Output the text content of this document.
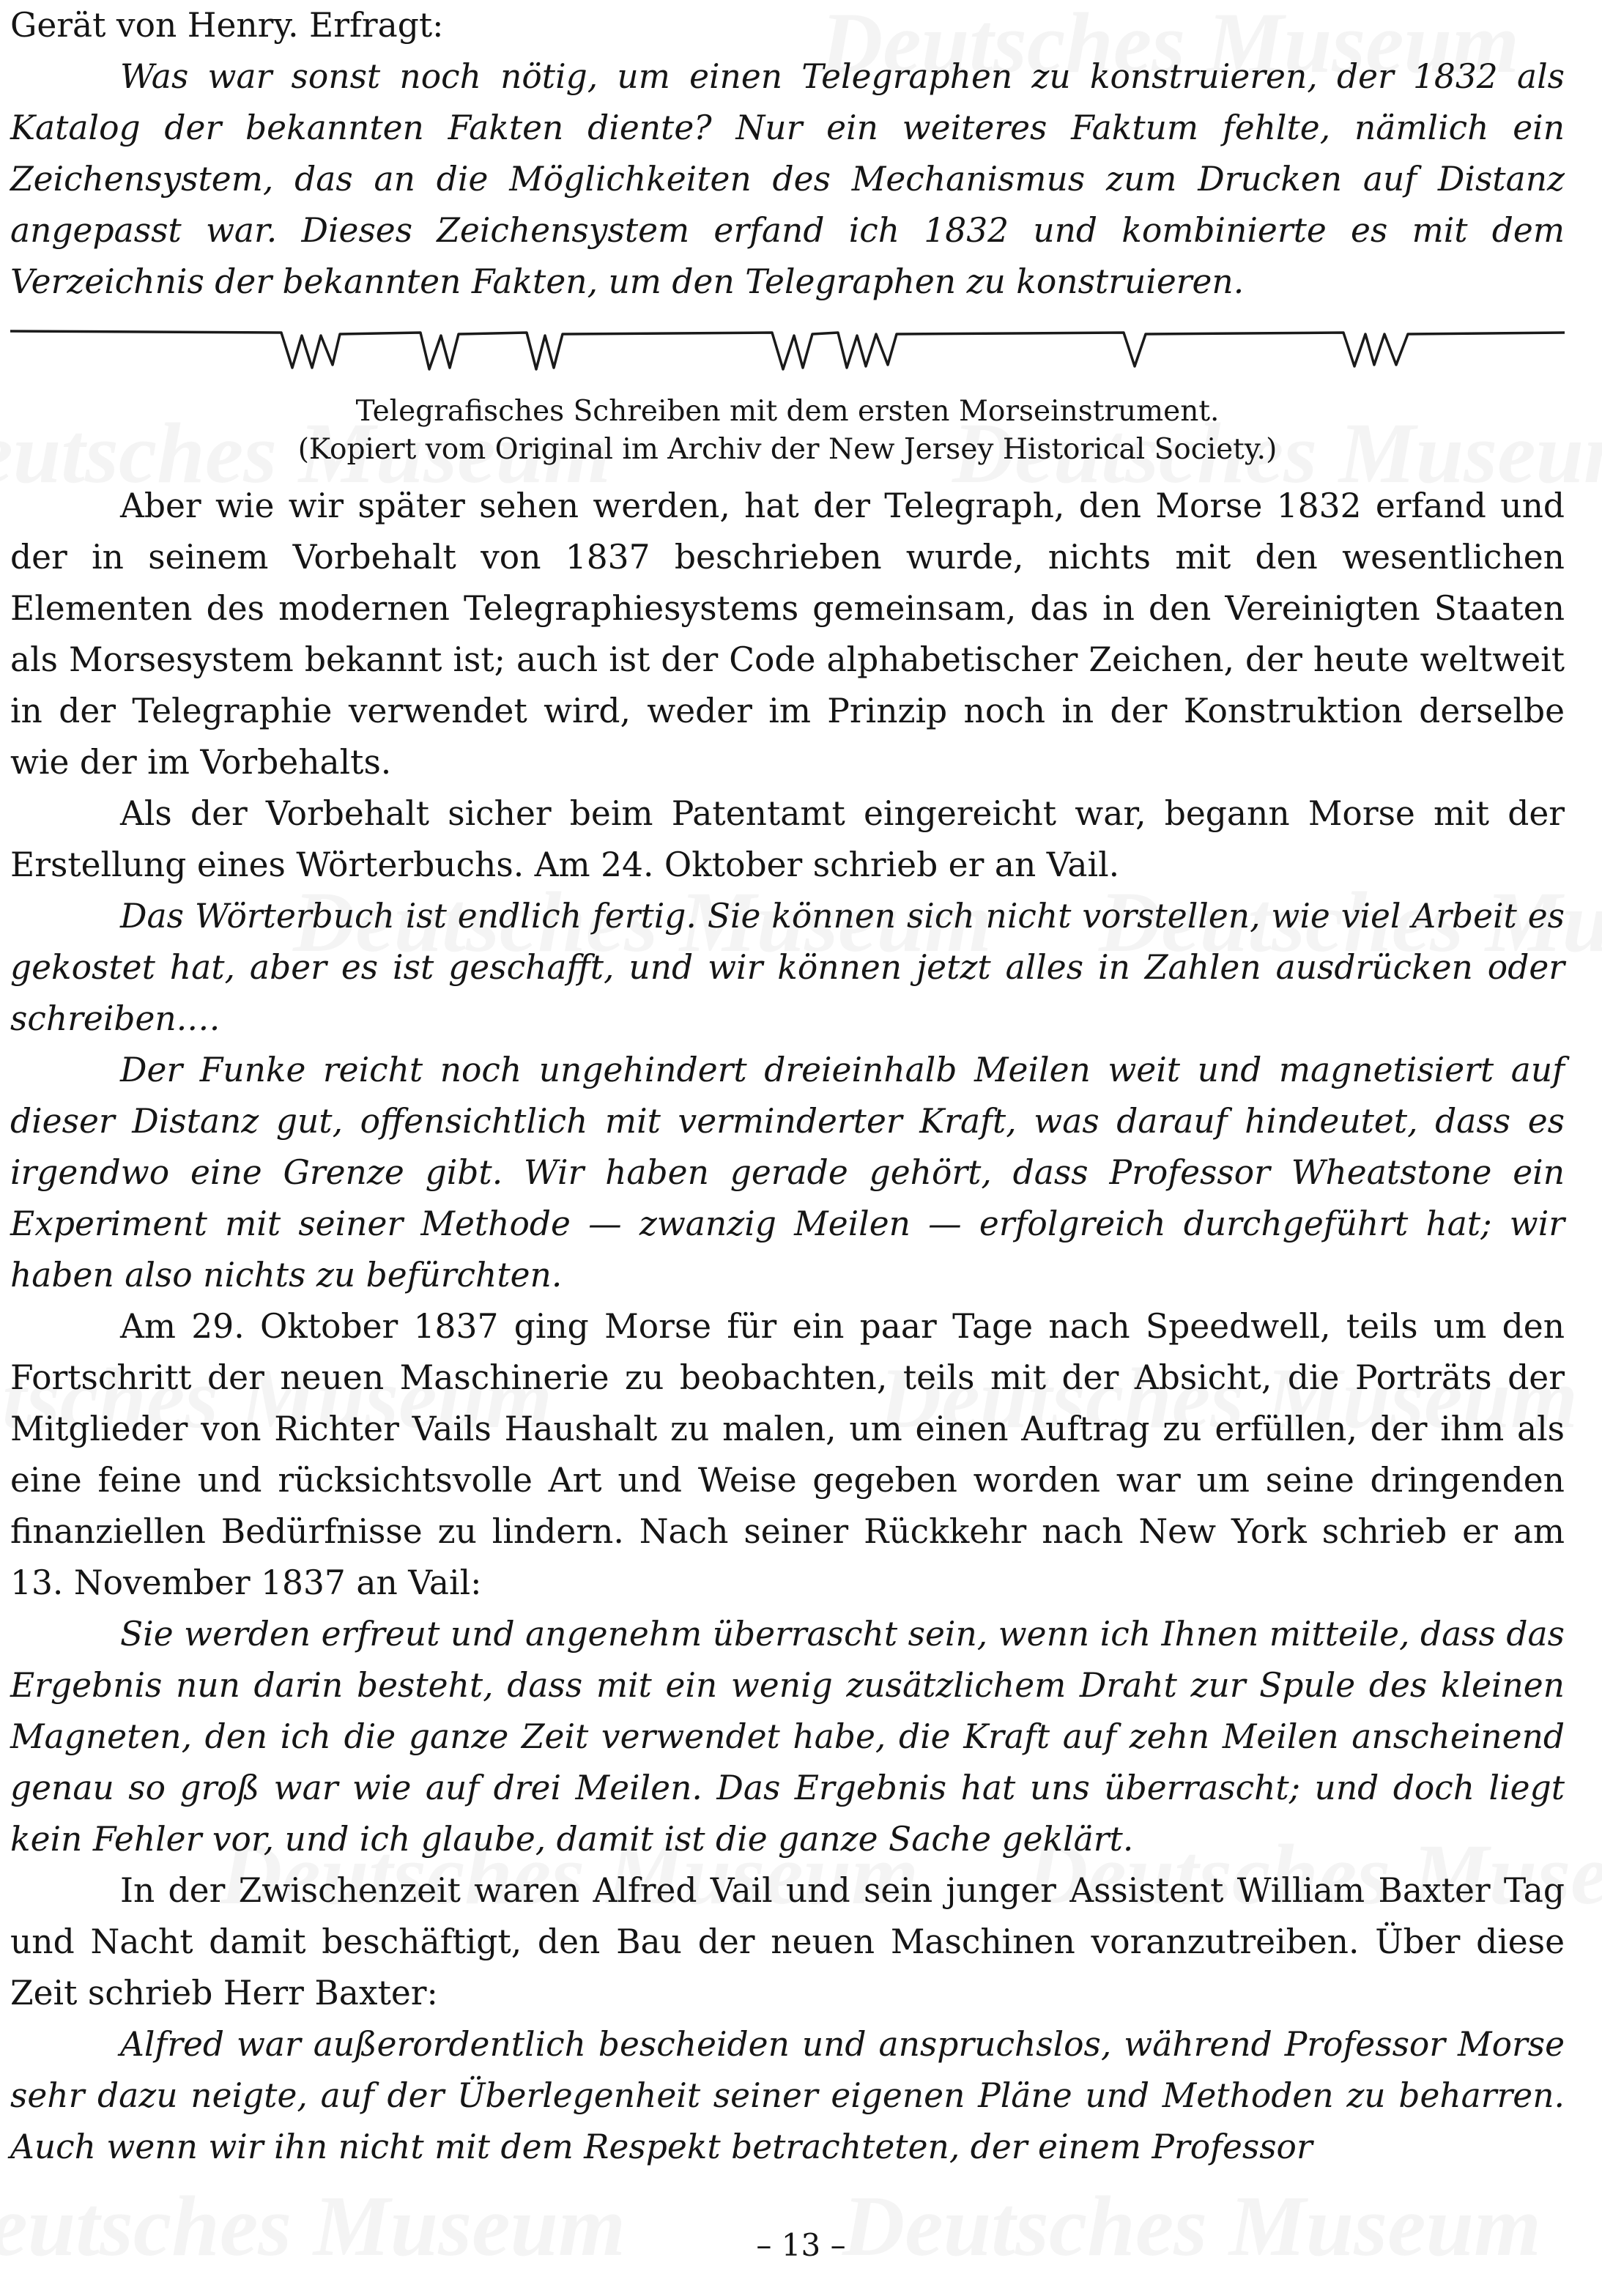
Gerät von Henry. Erfragt:

Was war sonst noch nötig, um einen Telegraphen zu konstruieren, der 1832 als Katalog der bekannten Fakten diente? Nur ein weiteres Faktum fehlte, nämlich ein Zeichensystem, das an die Möglichkeiten des Mechanismus zum Drucken auf Distanz angepasst war. Dieses Zeichensystem erfand ich 1832 und kombinierte es mit dem Verzeichnis der bekannten Fakten, um den Telegraphen zu konstruieren.

Telegrafisches Schreiben mit dem ersten Morseinstrument.
(Kopiert vom Original im Archiv der New Jersey Historical Society.)

Aber wie wir später sehen werden, hat der Telegraph, den Morse 1832 erfand und der in seinem Vorbehalt von 1837 beschrieben wurde, nichts mit den wesentlichen Elementen des modernen Telegraphiesystems gemeinsam, das in den Vereinigten Staaten als Morsesystem bekannt ist; auch ist der Code alphabetischer Zeichen, der heute weltweit in der Telegraphie verwendet wird, weder im Prinzip noch in der Konstruktion derselbe wie der im Vorbehalts.

Als der Vorbehalt sicher beim Patentamt eingereicht war, begann Morse mit der Erstellung eines Wörterbuchs. Am 24. Oktober schrieb er an Vail.

Das Wörterbuch ist endlich fertig. Sie können sich nicht vorstellen, wie viel Arbeit es gekostet hat, aber es ist geschafft, und wir können jetzt alles in Zahlen ausdrücken oder schreiben.…

Der Funke reicht noch ungehindert dreieinhalb Meilen weit und magnetisiert auf dieser Distanz gut, offensichtlich mit verminderter Kraft, was darauf hindeutet, dass es irgendwo eine Grenze gibt. Wir haben gerade gehört, dass Professor Wheatstone ein Experiment mit seiner Methode — zwanzig Meilen — erfolgreich durchgeführt hat; wir haben also nichts zu befürchten.

Am 29. Oktober 1837 ging Morse für ein paar Tage nach Speedwell, teils um den Fortschritt der neuen Maschinerie zu beobachten, teils mit der Absicht, die Porträts der Mitglieder von Richter Vails Haushalt zu malen, um einen Auftrag zu erfüllen, der ihm als eine feine und rücksichtsvolle Art und Weise gegeben worden war um seine dringenden finanziellen Bedürfnisse zu lindern. Nach seiner Rückkehr nach New York schrieb er am 13. November 1837 an Vail:

Sie werden erfreut und angenehm überrascht sein, wenn ich Ihnen mitteile, dass das Ergebnis nun darin besteht, dass mit ein wenig zusätzlichem Draht zur Spule des kleinen Magneten, den ich die ganze Zeit verwendet habe, die Kraft auf zehn Meilen anscheinend genau so groß war wie auf drei Meilen. Das Ergebnis hat uns überrascht; und doch liegt kein Fehler vor, und ich glaube, damit ist die ganze Sache geklärt.

In der Zwischenzeit waren Alfred Vail und sein junger Assistent William Baxter Tag und Nacht damit beschäftigt, den Bau der neuen Maschinen voranzutreiben. Über diese Zeit schrieb Herr Baxter:

Alfred war außerordentlich bescheiden und anspruchslos, während Professor Morse sehr dazu neigte, auf der Überlegenheit seiner eigenen Pläne und Methoden zu beharren. Auch wenn wir ihn nicht mit dem Respekt betrachteten, der einem Professor

– 13 –
